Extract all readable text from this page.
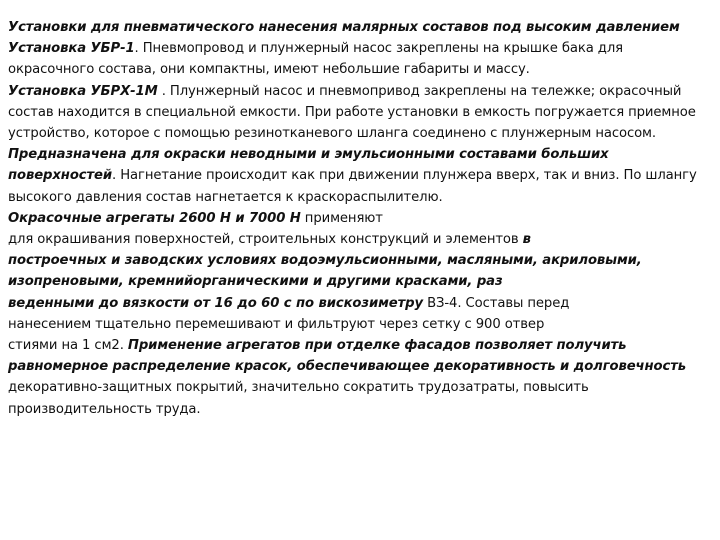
Установки для пневматического нанесения малярных составов под высоким давлением

Установка УБР-1. Пневмопровод и плунжерный насос закреплены на крышке бака для окрасочного состава, они компактны, имеют небольшие габариты и массу.

Установка УБРХ-1М . Плунжерный насос и пневмопривод закреплены на тележке; окрасочный состав находится в специальной емкости. При работе установки в емкость погружается приемное устройство, которое с помощью резинотканевого шланга соединено с плунжерным насосом. Предназначена для окраски неводными и эмульсионными составами больших поверхностей. Нагнетание происходит как при движении плунжера вверх, так и вниз. По шлангу высокого давления состав нагнетается к краскораспылителю.

Окрасочные агрегаты 2600 Н и 7000 Н применяют
для окрашивания поверхностей, строительных конструкций и элементов в
построечных и заводских условиях водоэмульсионными, масляными, акриловыми,
изопреновыми, кремнийорганическими и другими красками, раз
веденными до вязкости от 16 до 60 с по вискозиметру ВЗ-4. Составы перед
нанесением тщательно перемешивают и фильтруют через сетку с 900 отвер
стиями на 1 см2. Применение агрегатов при отделке фасадов позволяет получить равномерное распределение красок, обеспечивающее декоративность и долговечность декоративно-защитных покрытий, значительно сократить трудозатраты, повысить производительность труда.
